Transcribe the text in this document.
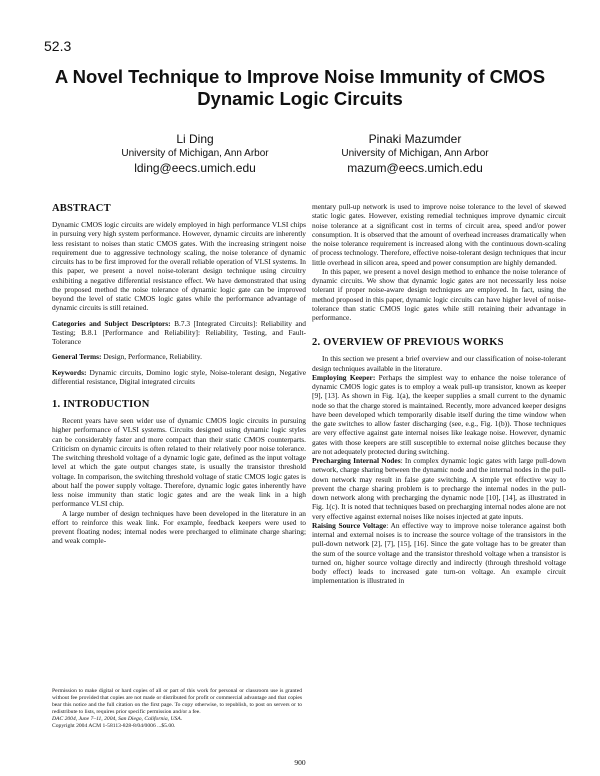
52.3
A Novel Technique to Improve Noise Immunity of CMOS Dynamic Logic Circuits
Li Ding
University of Michigan, Ann Arbor
lding@eecs.umich.edu
Pinaki Mazumder
University of Michigan, Ann Arbor
mazum@eecs.umich.edu
ABSTRACT

Dynamic CMOS logic circuits are widely employed in high performance VLSI chips in pursuing very high system performance. However, dynamic circuits are inherently less resistant to noises than static CMOS gates. With the increasing stringent noise requirement due to aggressive technology scaling, the noise tolerance of dynamic circuits has to be first improved for the overall reliable operation of VLSI systems. In this paper, we present a novel noise-tolerant design technique using circuitry exhibiting a negative differential resistance effect. We have demonstrated that using the proposed method the noise tolerance of dynamic logic gate can be improved beyond the level of static CMOS logic gates while the performance advantage of dynamic circuits is still retained.

Categories and Subject Descriptors: B.7.3 [Integrated Circuits]: Reliability and Testing; B.8.1 [Performance and Reliability]: Reliability, Testing, and Fault-Tolerance

General Terms: Design, Performance, Reliability.

Keywords: Dynamic circuits, Domino logic style, Noise-tolerant design, Negative differential resistance, Digital integrated circuits

1. INTRODUCTION

Recent years have seen wider use of dynamic CMOS logic circuits in pursuing higher performance of VLSI systems. Circuits designed using dynamic logic styles can be considerably faster and more compact than their static CMOS counterparts. Criticism on dynamic circuits is often related to their relatively poor noise tolerance. The switching threshold voltage of a dynamic logic gate, defined as the input voltage level at which the gate output changes state, is usually the transistor threshold voltage. In comparison, the switching threshold voltage of static CMOS logic gates is about half the power supply voltage. Therefore, dynamic logic gates inherently have less noise immunity than static logic gates and are the weak link in a high performance VLSI chip.

A large number of design techniques have been developed in the literature in an effort to reinforce this weak link. For example, feedback keepers were used to prevent floating nodes; internal nodes were precharged to eliminate charge sharing; and weak comple-

Permission to make digital or hard copies of all or part of this work for personal or classroom use is granted without fee provided that copies are not made or distributed for profit or commercial advantage and that copies bear this notice and the full citation on the first page. To copy otherwise, to republish, to post on servers or to redistribute to lists, requires prior specific permission and/or a fee.

DAC 2004, June 7–11, 2004, San Diego, California, USA.

Copyright 2004 ACM 1-58113-828-8/04/0006 ...$5.00.

mentary pull-up network is used to improve noise tolerance to the level of skewed static logic gates. However, existing remedial techniques improve dynamic circuit noise tolerance at a significant cost in terms of circuit area, speed and/or power consumption. It is observed that the amount of overhead increases dramatically when the noise tolerance requirement is increased along with the continuous down-scaling of process technology. Therefore, effective noise-tolerant design techniques that incur little overhead in silicon area, speed and power consumption are highly demanded.

In this paper, we present a novel design method to enhance the noise tolerance of dynamic circuits. We show that dynamic logic gates are not necessarily less noise tolerant if proper noise-aware design techniques are employed. In fact, using the method proposed in this paper, dynamic logic circuits can have higher level of noise-tolerance than static CMOS logic gates while still retaining their advantage in performance.

2. OVERVIEW OF PREVIOUS WORKS

In this section we present a brief overview and our classification of noise-tolerant design techniques available in the literature.

Employing Keeper: Perhaps the simplest way to enhance the noise tolerance of dynamic CMOS logic gates is to employ a weak pull-up transistor, known as keeper [9], [13]. As shown in Fig. 1(a), the keeper supplies a small current to the dynamic node so that the charge stored is maintained. Recently, more advanced keeper designs have been developed which temporarily disable itself during the time window when the gate switches to allow faster discharging (see, e.g., Fig. 1(b)). Those techniques are very effective against gate internal noises like leakage noise. However, dynamic gates with those keepers are still susceptible to external noise glitches because they are not adequately protected during switching.

Precharging Internal Nodes: In complex dynamic logic gates with large pull-down network, charge sharing between the dynamic node and the internal nodes in the pull-down network may result in false gate switching. A simple yet effective way to prevent the charge sharing problem is to precharge the internal nodes in the pull-down network along with precharging the dynamic node [10], [14], as illustrated in Fig. 1(c). It is noted that techniques based on precharging internal nodes alone are not very effective against external noises like noises injected at gate inputs.

Raising Source Voltage: An effective way to improve noise tolerance against both internal and external noises is to increase the source voltage of the transistors in the pull-down network [2], [7], [15], [16]. Since the gate voltage has to be greater than the sum of the source voltage and the transistor threshold voltage when a transistor is turned on, higher source voltage directly and indirectly (through threshold voltage body effect) leads to increased gate turn-on voltage. An example circuit implementation is illustrated in

900
